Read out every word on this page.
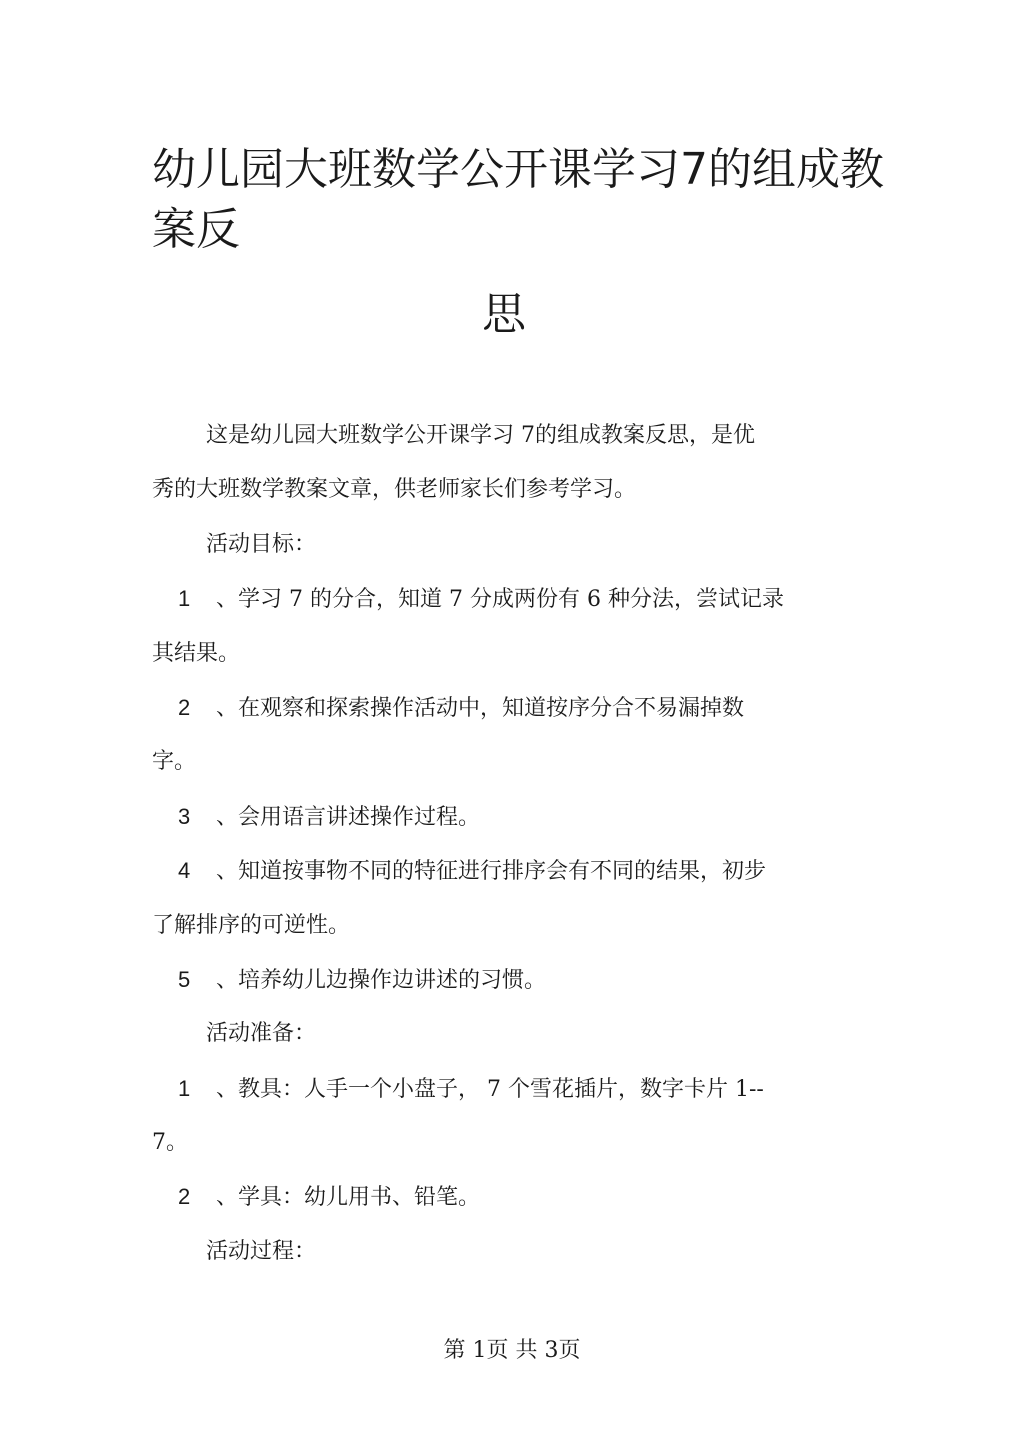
幼儿园大班数学公开课学习7的组成教
案反
思
这是幼儿园大班数学公开课学习 7的组成教案反思，是优
秀的大班数学教案文章，供老师家长们参考学习。
活动目标：
1 、学习 7 的分合，知道 7 分成两份有 6 种分法，尝试记录
其结果。
2 、在观察和探索操作活动中，知道按序分合不易漏掉数
字。
3 、会用语言讲述操作过程。
4 、知道按事物不同的特征进行排序会有不同的结果，初步
了解排序的可逆性。
5 、培养幼儿边操作边讲述的习惯。
活动准备：
1 、教具：人手一个小盘子， 7 个雪花插片，数字卡片 1--
7。
2 、学具：幼儿用书、铅笔。
活动过程：
第 1页 共 3页
